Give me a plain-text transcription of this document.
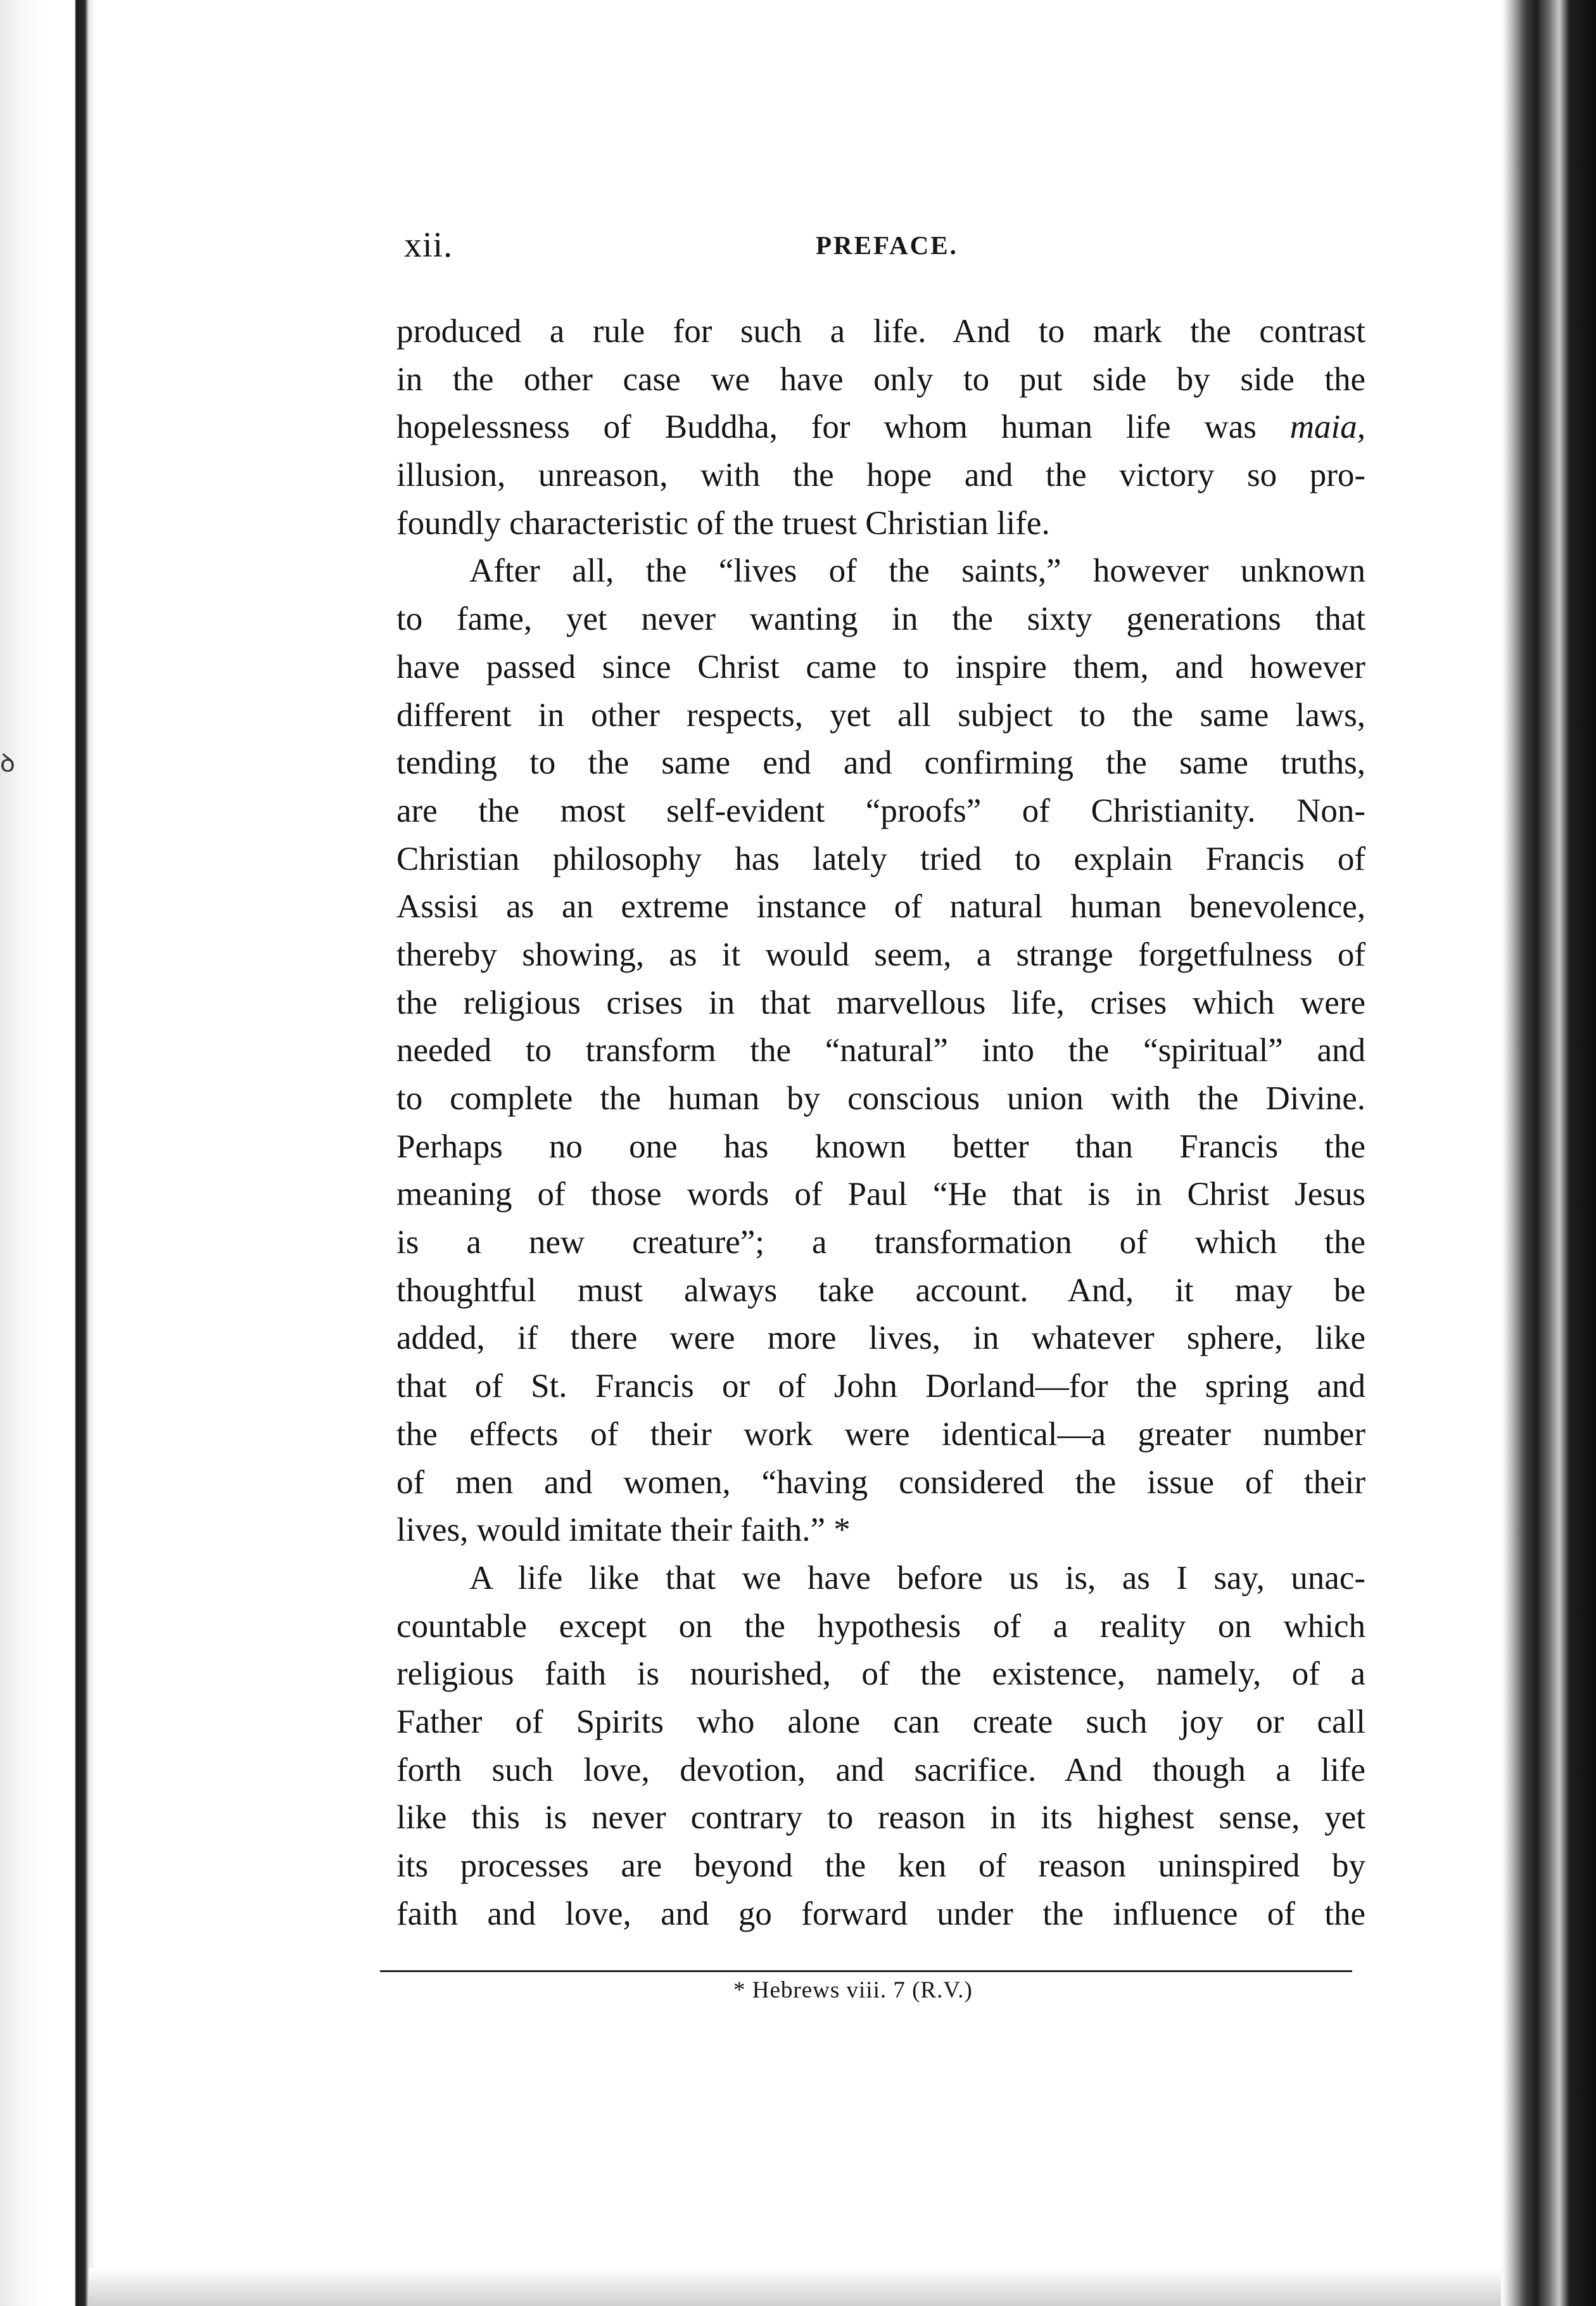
ꝺ
xii.	PREFACE.
produced a rule for such a life. And to mark the contrast
in the other case we have only to put side by side the
hopelessness of Buddha, for whom human life was maia,
illusion, unreason, with the hope and the victory so pro-
foundly characteristic of the truest Christian life.
After all, the “lives of the saints,” however unknown
to fame, yet never wanting in the sixty generations that
have passed since Christ came to inspire them, and however
different in other respects, yet all subject to the same laws,
tending to the same end and confirming the same truths,
are the most self-evident “proofs” of Christianity. Non-
Christian philosophy has lately tried to explain Francis of
Assisi as an extreme instance of natural human benevolence,
thereby showing, as it would seem, a strange forgetfulness of
the religious crises in that marvellous life, crises which were
needed to transform the “natural” into the “spiritual” and
to complete the human by conscious union with the Divine.
Perhaps no one has known better than Francis the
meaning of those words of Paul “He that is in Christ Jesus
is a new creature”; a transformation of which the
thoughtful must always take account. And, it may be
added, if there were more lives, in whatever sphere, like
that of St. Francis or of John Dorland—for the spring and
the effects of their work were identical—a greater number
of men and women, “having considered the issue of their
lives, would imitate their faith.” *
A life like that we have before us is, as I say, unac-
countable except on the hypothesis of a reality on which
religious faith is nourished, of the existence, namely, of a
Father of Spirits who alone can create such joy or call
forth such love, devotion, and sacrifice. And though a life
like this is never contrary to reason in its highest sense, yet
its processes are beyond the ken of reason uninspired by
faith and love, and go forward under the influence of the
* Hebrews viii. 7 (R.V.)
